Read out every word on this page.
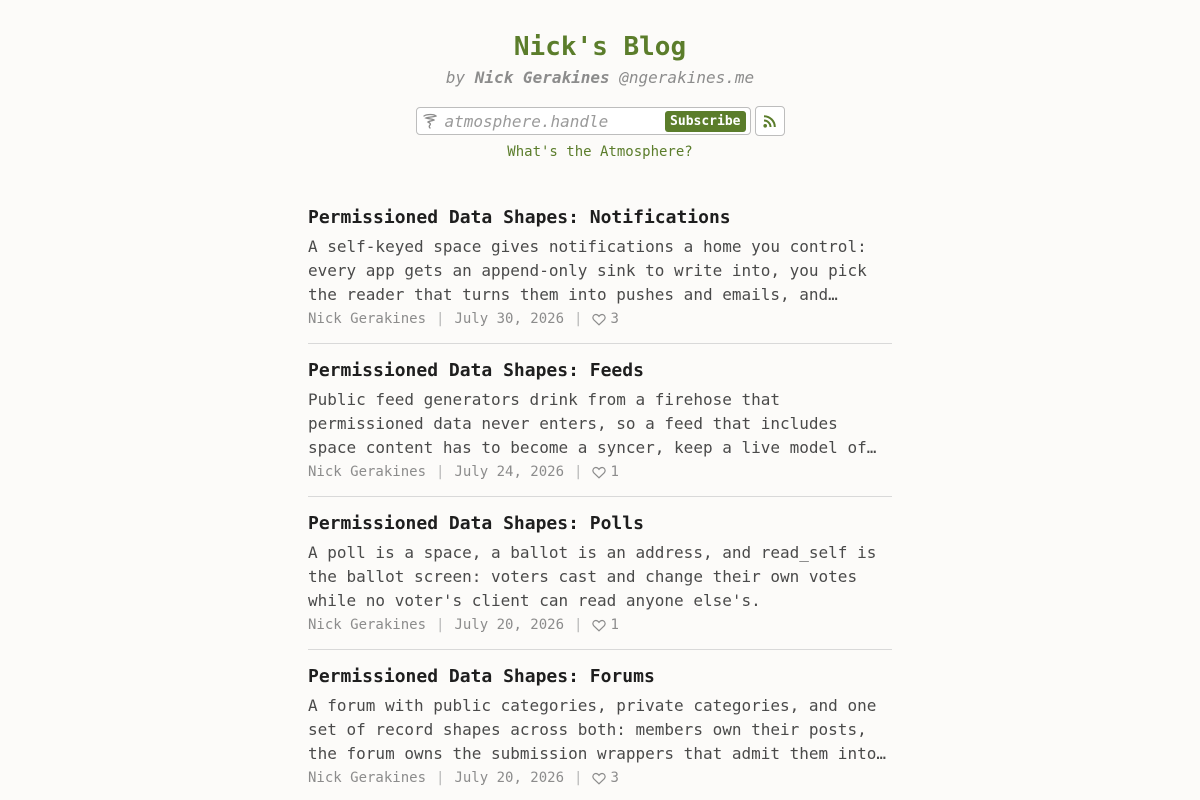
Nick's Blog
by Nick Gerakines @ngerakines.me
atmosphere.handle
Subscribe
What's the Atmosphere?
Permissioned Data Shapes: Notifications

A self-keyed space gives notifications a home you control: every app gets an append-only sink to write into, you pick the reader that turns them into pushes and emails, and

Nick Gerakines | July 30, 2026 | 3
Permissioned Data Shapes: Feeds

Public feed generators drink from a firehose that permissioned data never enters, so a feed that includes space content has to become a syncer, keep a live model of

Nick Gerakines | July 24, 2026 | 1
Permissioned Data Shapes: Polls

A poll is a space, a ballot is an address, and read_self is the ballot screen: voters cast and change their own votes while no voter's client can read anyone else's.

Nick Gerakines | July 20, 2026 | 1
Permissioned Data Shapes: Forums

A forum with public categories, private categories, and one set of record shapes across both: members own their posts, the forum owns the submission wrappers that admit them into

Nick Gerakines | July 20, 2026 | 3
